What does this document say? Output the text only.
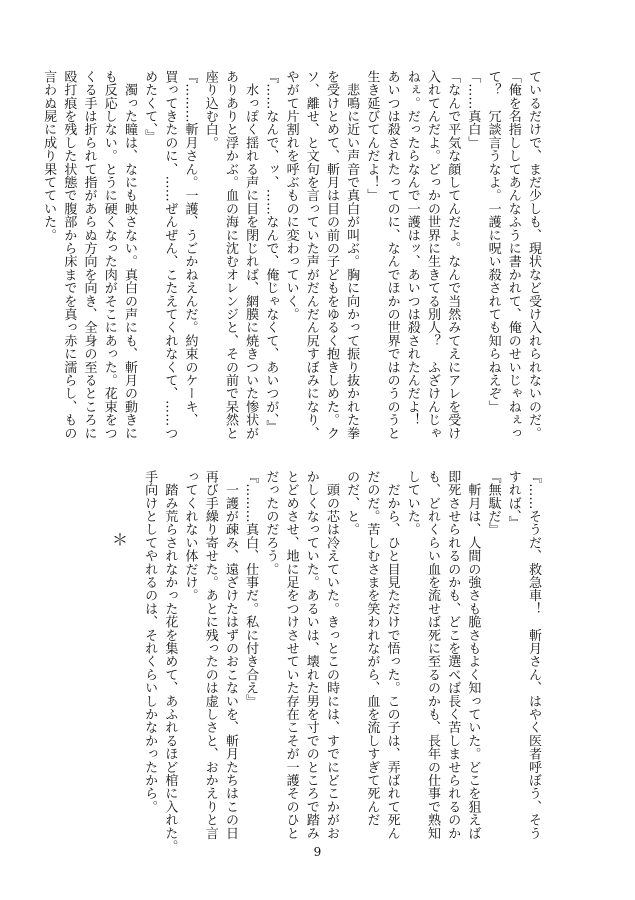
ているだけで、まだ少しも、現状など受け入れられないのだ。
「俺を名指ししてあんなふうに書かれて、俺のせいじゃねぇっ
て？　冗談言うなよ。一護に呪い殺されても知らねえぞ」
「……真白」
「なんで平気な顔してんだよ。なんで当然みてえにアレを受け
入れてんだよ。どっかの世界に生きてる別人？　ふざけんじゃ
ねぇ。だったらなんで一護はッ、あいつは殺されたんだよ！
あいつは殺されたってのに、なんでほかの世界ではのうのうと
生き延びてんだよ！」
　悲鳴に近い声音で真白が叫ぶ。胸に向かって振り抜かれた拳
を受けとめて、斬月は目の前の子どもをゆるく抱きしめた。ク
ソ、離せ、と文句を言っていた声がだんだん尻すぼみになり、
やがて片割れを呼ぶものに変わっていく。
『……なんで、ッ、……なんで、俺じゃなくて、あいつが、』
　水っぽく揺れる声に目を閉じれば、網膜に焼きついた惨状が
ありありと浮かぶ。血の海に沈むオレンジと、その前で呆然と
座り込む白。
『………斬月さん。一護、うごかねえんだ。約束のケーキ、
買ってきたのに、……ぜんぜん、こたえてくれなくて、……つ
めたくて、』
　濁った瞳は、なにも映さない。真白の声にも、斬月の動きに
も反応しない。とうに硬くなった肉がそこにあった。花束をつ
くる手は折られて指があらぬ方向を向き、全身の至るところに
殴打痕を残した状態で腹部から床までを真っ赤に濡らし、もの
言わぬ屍に成り果てていた。
『……そうだ、救急車！　斬月さん、はやく医者呼ぼう、そう
すれば、』
『無駄だ』
　斬月は、人間の強さも脆さもよく知っていた。どこを狙えば
即死させられるのかも、どこを選べば長く苦しませられるのか
も、どれくらい血を流せば死に至るのかも、長年の仕事で熟知
していた。
　だから、ひと目見ただけで悟った。この子は、弄ばれて死ん
だのだ。苦しむさまを笑われながら、血を流しすぎて死んだ
のだ、と。
　頭の芯は冷えていた。きっとこの時には、すでにどこかがお
かしくなっていた。あるいは、壊れた男を寸でのところで踏み
とどめさせ、地に足をつけさせていた存在こそが一護そのひと
だったのだろう。
『………真白、仕事だ。私に付き合え』
　一護が疎み、遠ざけたはずのおこないを、斬月たちはこの日
再び手繰り寄せた。あとに残ったのは虚しさと、おかえりと言
ってくれない体だけ。
　踏み荒らされなかった花を集めて、あふれるほど棺に入れた。
手向けとしてやれるのは、それくらいしかなかったから。
＊
9
